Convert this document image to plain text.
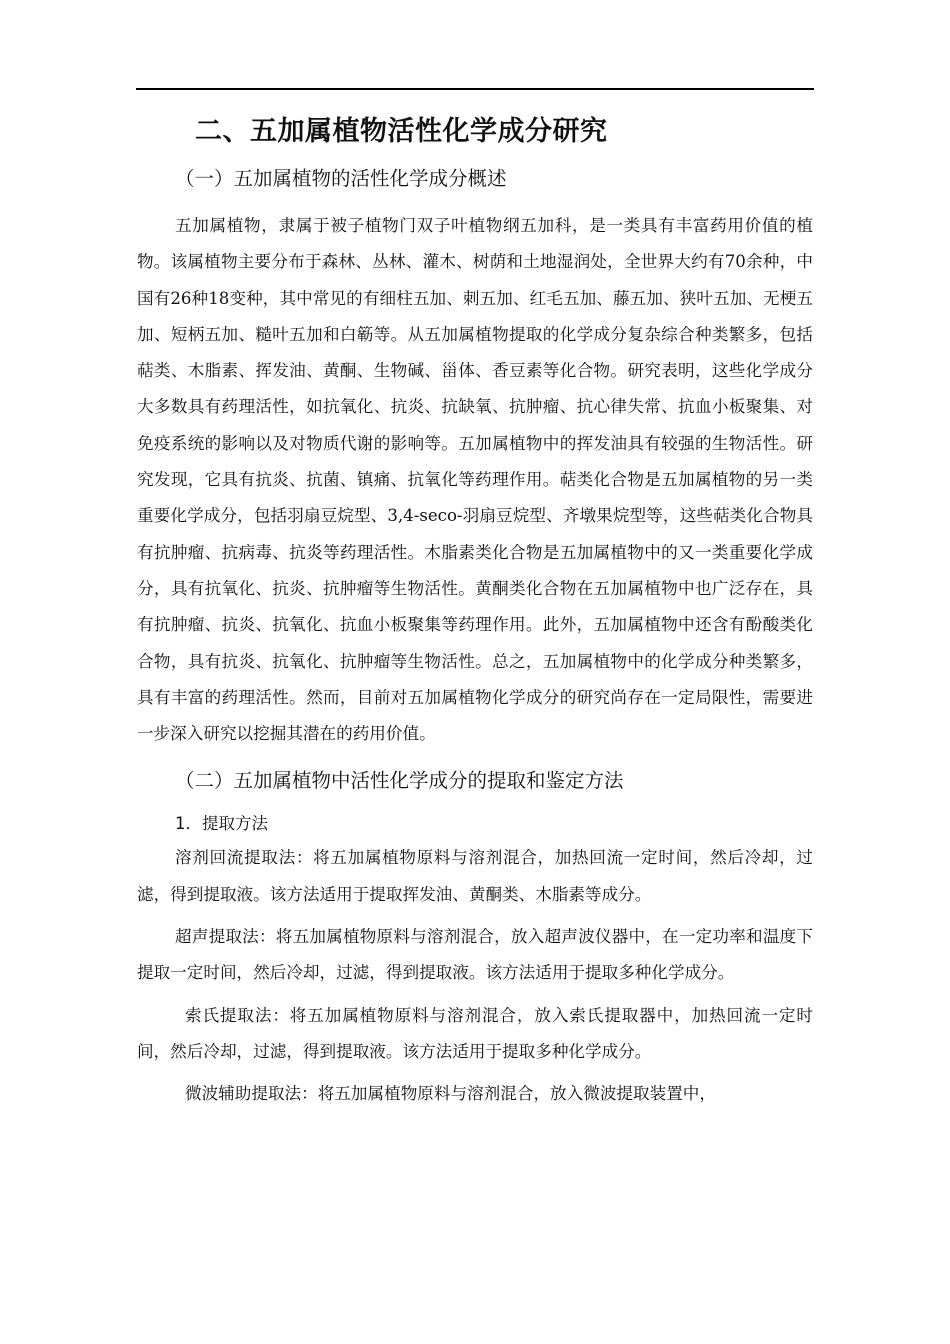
二、五加属植物活性化学成分研究
（一）五加属植物的活性化学成分概述

五加属植物，隶属于被子植物门双子叶植物纲五加科，是一类具有丰富药用价值的植物。该属植物主要分布于森林、丛林、灌木、树荫和土地湿润处，全世界大约有70余种，中国有26种18变种，其中常见的有细柱五加、刺五加、红毛五加、藤五加、狭叶五加、无梗五加、短柄五加、糙叶五加和白簕等。从五加属植物提取的化学成分复杂综合种类繁多，包括萜类、木脂素、挥发油、黄酮、生物碱、甾体、香豆素等化合物。研究表明，这些化学成分大多数具有药理活性，如抗氧化、抗炎、抗缺氧、抗肿瘤、抗心律失常、抗血小板聚集、对免疫系统的影响以及对物质代谢的影响等。五加属植物中的挥发油具有较强的生物活性。研究发现，它具有抗炎、抗菌、镇痛、抗氧化等药理作用。萜类化合物是五加属植物的另一类重要化学成分，包括羽扇豆烷型、3,4-seco-羽扇豆烷型、齐墩果烷型等，这些萜类化合物具有抗肿瘤、抗病毒、抗炎等药理活性。木脂素类化合物是五加属植物中的又一类重要化学成分，具有抗氧化、抗炎、抗肿瘤等生物活性。黄酮类化合物在五加属植物中也广泛存在，具有抗肿瘤、抗炎、抗氧化、抗血小板聚集等药理作用。此外，五加属植物中还含有酚酸类化合物，具有抗炎、抗氧化、抗肿瘤等生物活性。总之，五加属植物中的化学成分种类繁多，具有丰富的药理活性。然而，目前对五加属植物化学成分的研究尚存在一定局限性，需要进一步深入研究以挖掘其潜在的药用价值。

（二）五加属植物中活性化学成分的提取和鉴定方法
1．提取方法

溶剂回流提取法：将五加属植物原料与溶剂混合，加热回流一定时间，然后冷却，过滤，得到提取液。该方法适用于提取挥发油、黄酮类、木脂素等成分。

超声提取法：将五加属植物原料与溶剂混合，放入超声波仪器中，在一定功率和温度下提取一定时间，然后冷却，过滤，得到提取液。该方法适用于提取多种化学成分。

索氏提取法：将五加属植物原料与溶剂混合，放入索氏提取器中，加热回流一定时间，然后冷却，过滤，得到提取液。该方法适用于提取多种化学成分。

微波辅助提取法：将五加属植物原料与溶剂混合，放入微波提取装置中，
